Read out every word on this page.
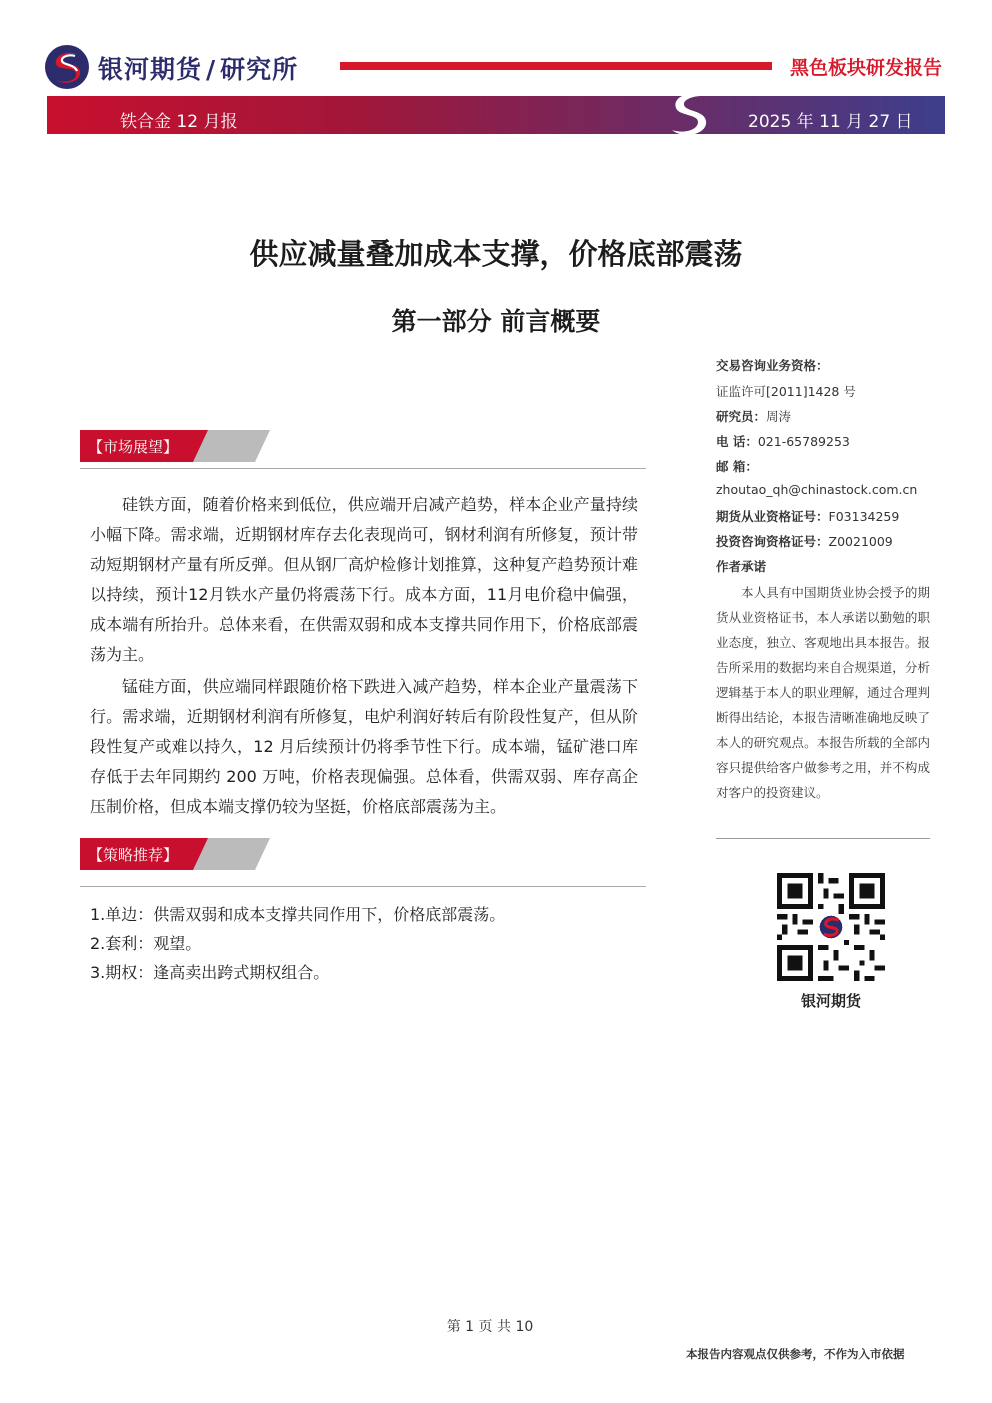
银河期货 / 研究所	黑色板块研发报告
铁合金 12 月报	2025 年 11 月 27 日
供应减量叠加成本支撑，价格底部震荡
第一部分 前言概要
【市场展望】

硅铁方面，随着价格来到低位，供应端开启减产趋势，样本企业产量持续小幅下降。需求端，近期钢材库存去化表现尚可，钢材利润有所修复，预计带动短期钢材产量有所反弹。但从钢厂高炉检修计划推算，这种复产趋势预计难以持续，预计12月铁水产量仍将震荡下行。成本方面，11月电价稳中偏强，成本端有所抬升。总体来看，在供需双弱和成本支撑共同作用下，价格底部震荡为主。

锰硅方面，供应端同样跟随价格下跌进入减产趋势，样本企业产量震荡下行。需求端，近期钢材利润有所修复，电炉利润好转后有阶段性复产，但从阶段性复产或难以持久，12 月后续预计仍将季节性下行。成本端，锰矿港口库存低于去年同期约 200 万吨，价格表现偏强。总体看，供需双弱、库存高企压制价格，但成本端支撑仍较为坚挺，价格底部震荡为主。

【策略推荐】
1.单边：供需双弱和成本支撑共同作用下，价格底部震荡。
2.套利：观望。
3.期权：逢高卖出跨式期权组合。
交易咨询业务资格：
证监许可[2011]1428 号
研究员：周涛
电 话：021-65789253
邮 箱：
zhoutao_qh@chinastock.com.cn
期货从业资格证号：F03134259
投资咨询资格证号：Z0021009
作者承诺

本人具有中国期货业协会授予的期货从业资格证书，本人承诺以勤勉的职业态度，独立、客观地出具本报告。报告所采用的数据均来自合规渠道，分析逻辑基于本人的职业理解，通过合理判断得出结论，本报告清晰准确地反映了本人的研究观点。本报告所载的全部内容只提供给客户做参考之用，并不构成对客户的投资建议。

银河期货
第 1 页 共 10
本报告内容观点仅供参考，不作为入市依据
